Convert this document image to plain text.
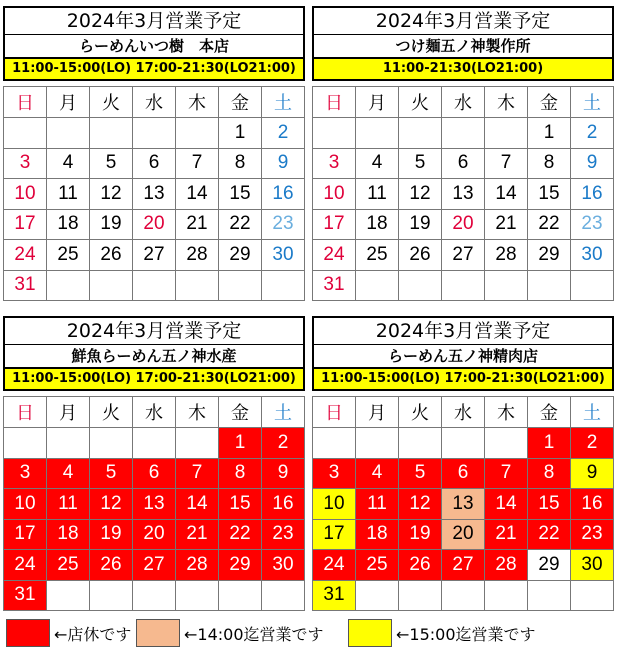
2024年3月営業予定
らーめんいつ樹　本店
11:00-15:00(LO) 17:00-21:30(LO21:00)
日	月	火	水	木	金	土
					1	2
3	4	5	6	7	8	9
10	11	12	13	14	15	16
17	18	19	20	21	22	23
24	25	26	27	28	29	30
31						
2024年3月営業予定
つけ麺五ノ神製作所
11:00-21:30(LO21:00)
日	月	火	水	木	金	土
					1	2
3	4	5	6	7	8	9
10	11	12	13	14	15	16
17	18	19	20	21	22	23
24	25	26	27	28	29	30
31						
2024年3月営業予定
鮮魚らーめん五ノ神水産
11:00-15:00(LO) 17:00-21:30(LO21:00)
日	月	火	水	木	金	土
					1	2
3	4	5	6	7	8	9
10	11	12	13	14	15	16
17	18	19	20	21	22	23
24	25	26	27	28	29	30
31						
2024年3月営業予定
らーめん五ノ神精肉店
11:00-15:00(LO) 17:00-21:30(LO21:00)
日	月	火	水	木	金	土
					1	2
3	4	5	6	7	8	9
10	11	12	13	14	15	16
17	18	19	20	21	22	23
24	25	26	27	28	29	30
31						
←店休です	←14:00迄営業です	←15:00迄営業です
